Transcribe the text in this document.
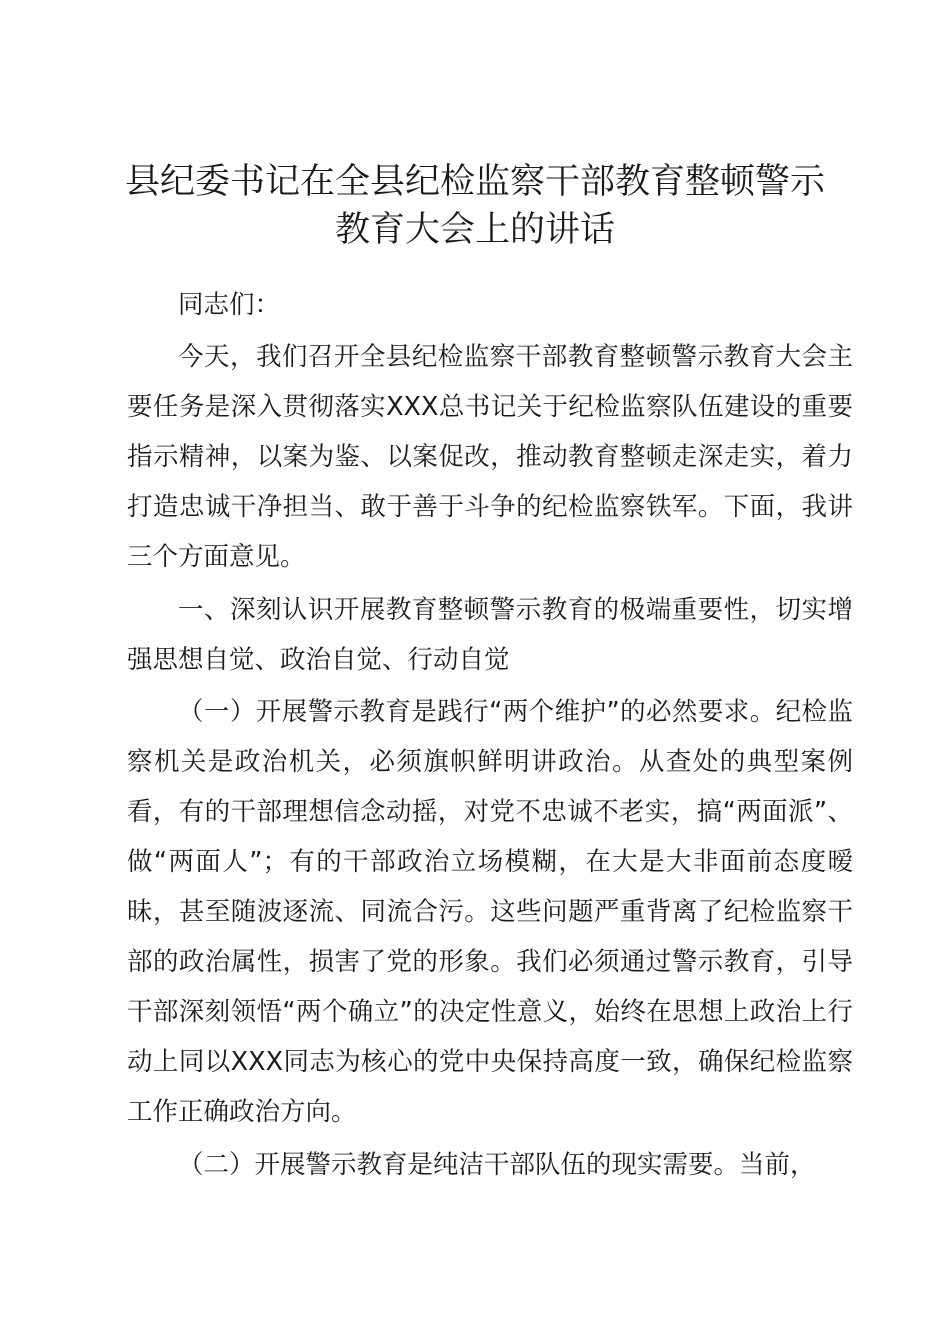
县纪委书记在全县纪检监察干部教育整顿警示教育大会上的讲话

同志们：

今天，我们召开全县纪检监察干部教育整顿警示教育大会主要任务是深入贯彻落实XXX总书记关于纪检监察队伍建设的重要指示精神，以案为鉴、以案促改，推动教育整顿走深走实，着力打造忠诚干净担当、敢于善于斗争的纪检监察铁军。下面，我讲三个方面意见。

一、深刻认识开展教育整顿警示教育的极端重要性，切实增强思想自觉、政治自觉、行动自觉

（一）开展警示教育是践行“两个维护”的必然要求。纪检监察机关是政治机关，必须旗帜鲜明讲政治。从查处的典型案例看，有的干部理想信念动摇，对党不忠诚不老实，搞“两面派”、做“两面人”；有的干部政治立场模糊，在大是大非面前态度暧昧，甚至随波逐流、同流合污。这些问题严重背离了纪检监察干部的政治属性，损害了党的形象。我们必须通过警示教育，引导干部深刻领悟“两个确立”的决定性意义，始终在思想上政治上行动上同以XXX同志为核心的党中央保持高度一致，确保纪检监察工作正确政治方向。

（二）开展警示教育是纯洁干部队伍的现实需要。当前，
